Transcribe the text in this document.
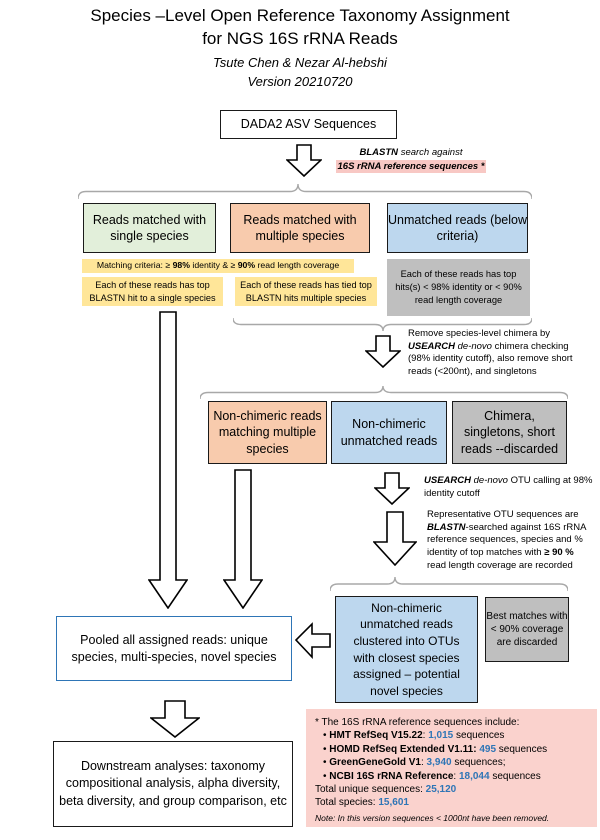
Species –Level Open Reference Taxonomy Assignment
for NGS 16S rRNA Reads
Tsute Chen & Nezar Al-hebshi
Version 20210720
DADA2 ASV Sequences
BLASTN search against
16S rRNA reference sequences *
Reads matched with single species
Reads matched with multiple species
Unmatched reads (below criteria)
Matching criteria: ≥ 98% identity & ≥ 90% read length coverage
Each of these reads has top BLASTN hit to a single species
Each of these reads has tied top BLASTN hits multiple species
Each of these reads has top hits(s) < 98% identity or < 90% read length coverage
Remove species-level chimera by USEARCH de-novo chimera checking (98% identity cutoff), also remove short reads (<200nt), and singletons
Non-chimeric reads matching multiple species
Non-chimeric unmatched reads
Chimera, singletons, short reads --discarded
USEARCH de-novo OTU calling at 98% identity cutoff
Representative OTU sequences are BLASTN-searched against 16S rRNA reference sequences, species and % identity of top matches with ≥ 90 % read length coverage are recorded
Non-chimeric unmatched reads clustered into OTUs with closest species assigned – potential novel species
Best matches with < 90% coverage are discarded
Pooled all assigned reads: unique species, multi-species, novel species
Downstream analyses: taxonomy compositional analysis, alpha diversity, beta diversity, and group comparison, etc
* The 16S rRNA reference sequences include:
• HMT RefSeq V15.22: 1,015 sequences
• HOMD RefSeq Extended V1.11: 495 sequences
• GreenGeneGold V1: 3,940 sequences;
• NCBI 16S rRNA Reference: 18,044 sequences
Total unique sequences: 25,120
Total species: 15,601
Note: In this version sequences < 1000nt have been removed.
